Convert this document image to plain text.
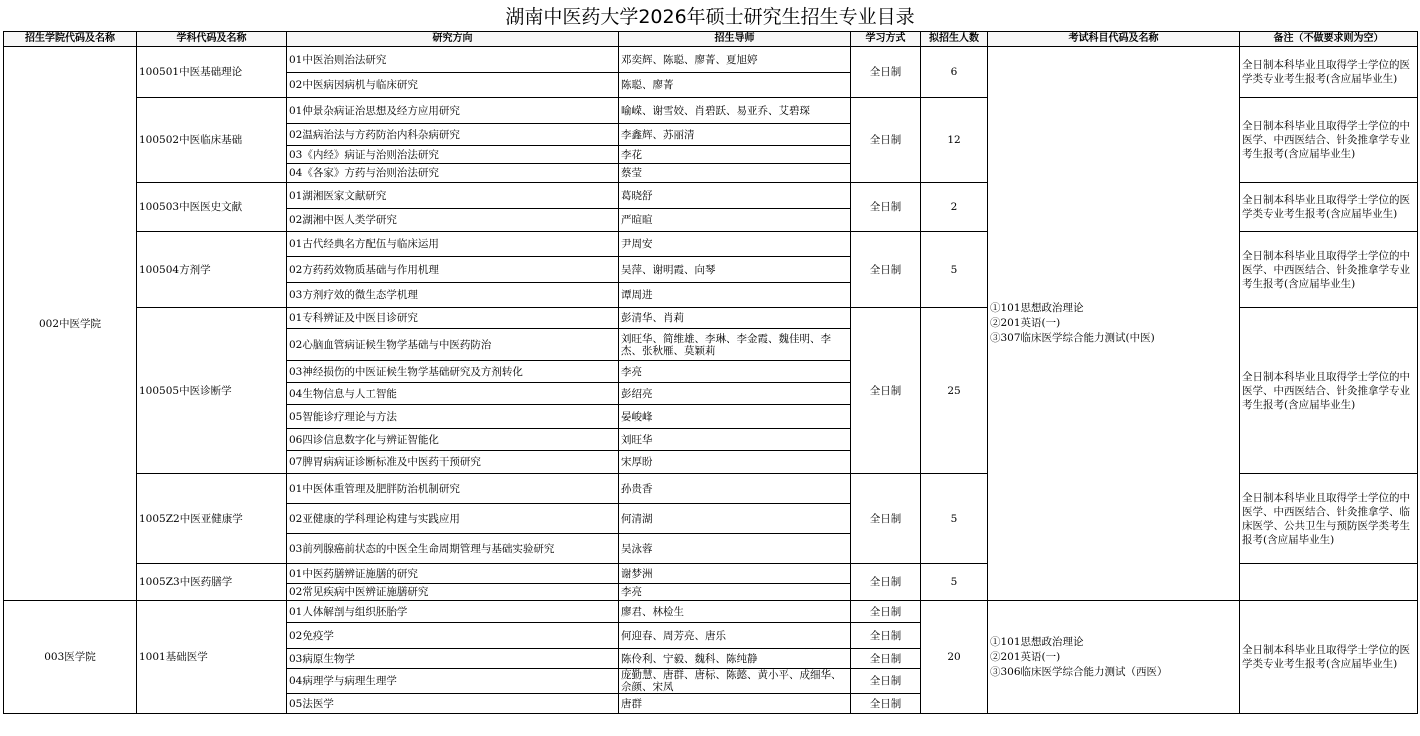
湖南中医药大学2026年硕士研究生招生专业目录
招生学院代码及名称	学科代码及名称	研究方向	招生导师	学习方式	拟招生人数	考试科目代码及名称	备注（不做要求则为空）
002中医学院	100501中医基础理论	01中医治则治法研究	邓奕辉、陈聪、廖菁、夏旭婷	全日制	6	①101思想政治理论
②201英语(一)
③307临床医学综合能力测试(中医)	全日制本科毕业且取得学士学位的医学类专业考生报考(含应届毕业生)
		02中医病因病机与临床研究	陈聪、廖菁				
	100502中医临床基础	01仲景杂病证治思想及经方应用研究	喻嵘、谢雪姣、肖碧跃、易亚乔、艾碧琛	全日制	12		全日制本科毕业且取得学士学位的中医学、中西医结合、针灸推拿学专业考生报考(含应届毕业生)
		02温病治法与方药防治内科杂病研究	李鑫辉、苏丽清				
		03《内经》病证与治则治法研究	李花				
		04《各家》方药与治则治法研究	蔡莹				
	100503中医医史文献	01湖湘医家文献研究	葛晓舒	全日制	2		全日制本科毕业且取得学士学位的医学类专业考生报考(含应届毕业生)
		02湖湘中医人类学研究	严暄暄				
	100504方剂学	01古代经典名方配伍与临床运用	尹周安	全日制	5		全日制本科毕业且取得学士学位的中医学、中西医结合、针灸推拿学专业考生报考(含应届毕业生)
		02方药药效物质基础与作用机理	吴萍、谢明霞、向琴				
		03方剂疗效的微生态学机理	谭周进				
	100505中医诊断学	01专科辨证及中医目诊研究	彭清华、肖莉	全日制	25		全日制本科毕业且取得学士学位的中医学、中西医结合、针灸推拿学专业考生报考(含应届毕业生)
		02心脑血管病证候生物学基础与中医药防治	刘旺华、简维雄、李琳、李金霞、魏佳明、李杰、张秋雁、莫颖莉				
		03神经损伤的中医证候生物学基础研究及方剂转化	李亮				
		04生物信息与人工智能	彭绍亮				
		05智能诊疗理论与方法	晏峻峰				
		06四诊信息数字化与辨证智能化	刘旺华				
		07脾胃病病证诊断标准及中医药干预研究	宋厚盼				
	1005Z2中医亚健康学	01中医体重管理及肥胖防治机制研究	孙贵香	全日制	5		全日制本科毕业且取得学士学位的中医学、中西医结合、针灸推拿学、临床医学、公共卫生与预防医学类考生报考(含应届毕业生)
		02亚健康的学科理论构建与实践应用	何清湖				
		03前列腺癌前状态的中医全生命周期管理与基础实验研究	吴泳蓉				
	1005Z3中医药膳学	01中医药膳辨证施膳的研究	谢梦洲	全日制	5		
		02常见疾病中医辨证施膳研究	李亮				
003医学院	1001基础医学	01人体解剖与组织胚胎学	廖君、林检生	全日制	20	①101思想政治理论
②201英语(一)
③306临床医学综合能力测试（西医）	全日制本科毕业且取得学士学位的医学类专业考生报考(含应届毕业生)
		02免疫学	何迎春、周芳亮、唐乐	全日制			
		03病原生物学	陈伶利、宁毅、魏科、陈纯静	全日制			
		04病理学与病理生理学	庞勤慧、唐群、唐标、陈懿、黄小平、成细华、佘颜、宋凤	全日制			
		05法医学	唐群	全日制			
